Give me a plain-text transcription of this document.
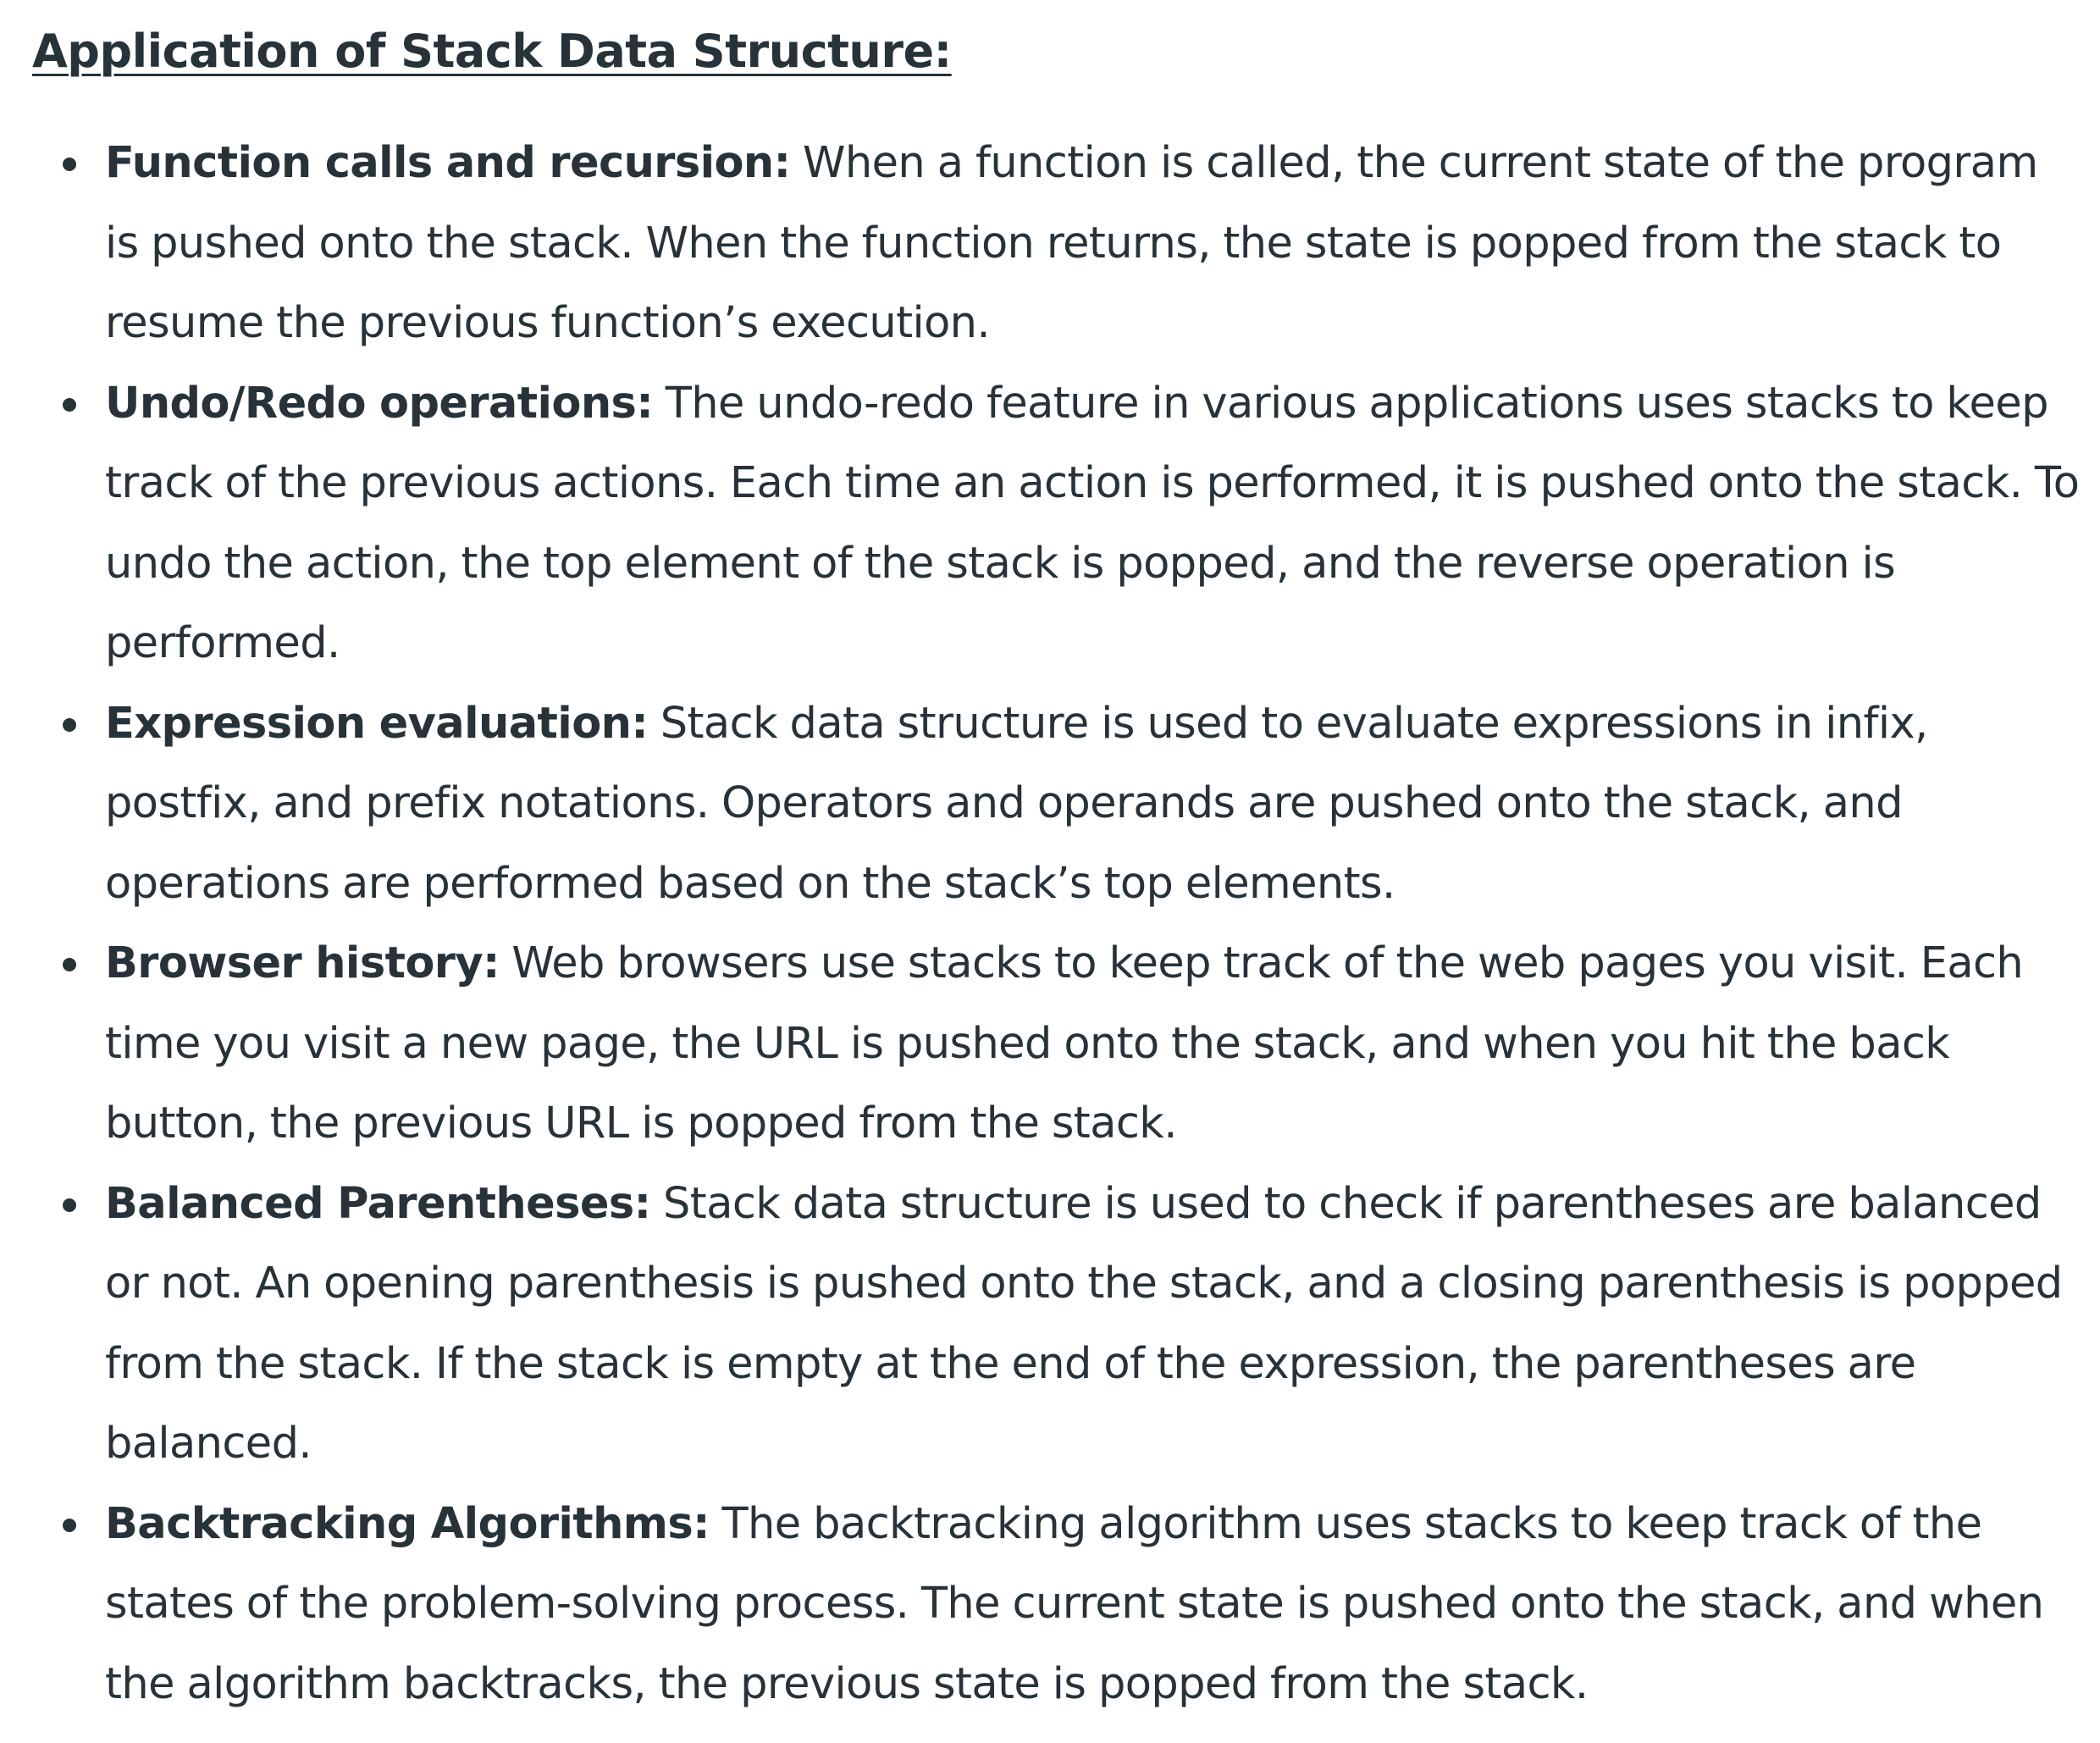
Application of Stack Data Structure:
Function calls and recursion: When a function is called, the current state of the program is pushed onto the stack. When the function returns, the state is popped from the stack to resume the previous function’s execution.
Undo/Redo operations: The undo-redo feature in various applications uses stacks to keep track of the previous actions. Each time an action is performed, it is pushed onto the stack. To undo the action, the top element of the stack is popped, and the reverse operation is performed.
Expression evaluation: Stack data structure is used to evaluate expressions in infix, postfix, and prefix notations. Operators and operands are pushed onto the stack, and operations are performed based on the stack’s top elements.
Browser history: Web browsers use stacks to keep track of the web pages you visit. Each time you visit a new page, the URL is pushed onto the stack, and when you hit the back button, the previous URL is popped from the stack.
Balanced Parentheses: Stack data structure is used to check if parentheses are balanced or not. An opening parenthesis is pushed onto the stack, and a closing parenthesis is popped from the stack. If the stack is empty at the end of the expression, the parentheses are balanced.
Backtracking Algorithms: The backtracking algorithm uses stacks to keep track of the states of the problem-solving process. The current state is pushed onto the stack, and when the algorithm backtracks, the previous state is popped from the stack.
